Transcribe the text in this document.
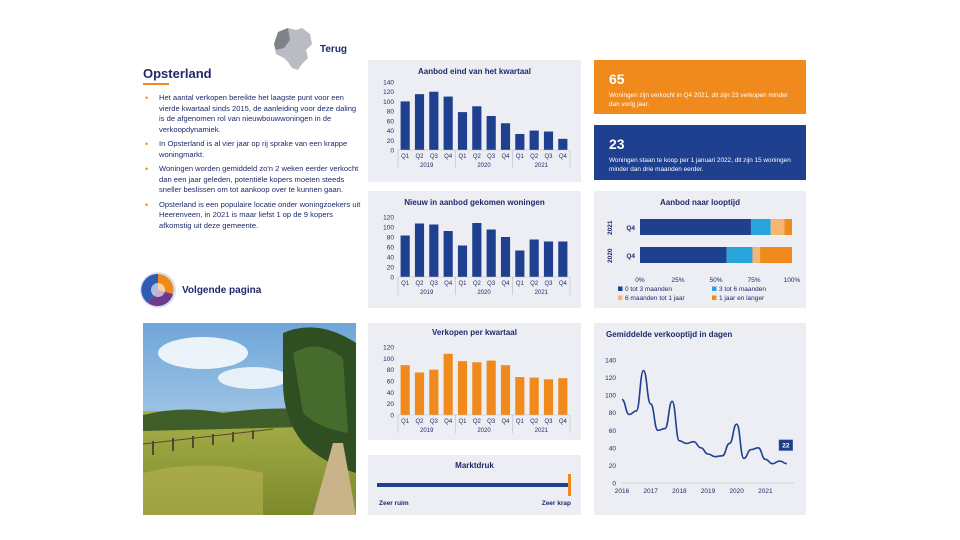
Terug
Opsterland
• Het aantal verkopen bereikte het laagste punt voor een vierde kwartaal sinds 2015, de aanleiding voor deze daling is de afgenomen rol van nieuwbouwwoningen in de verkoopdynamiek.
• In Opsterland is al vier jaar op rij sprake van een krappe woningmarkt.
• Woningen worden gemiddeld zo'n 2 weken eerder verkocht dan een jaar geleden, potentiële kopers moeten steeds sneller beslissen om tot aankoop over te kunnen gaan.
• Opsterland is een populaire locatie onder woningzoekers uit Heerenveen, in 2021 is maar liefst 1 op de 9 kopers afkomstig uit deze gemeente.
Volgende pagina
Aanbod eind van het kwartaal
0
20
40
60
80
100
120
140
Q1 Q2 Q3 Q4 Q1 Q2 Q3 Q4 Q1 Q2 Q3 Q4
2019	2020	2021
Nieuw in aanbod gekomen woningen
0
20
40
60
80
100
120
Q1 Q2 Q3 Q4 Q1 Q2 Q3 Q4 Q1 Q2 Q3 Q4
2019	2020	2021
Verkopen per kwartaal
0
20
40
60
80
100
120
Q1 Q2 Q3 Q4 Q1 Q2 Q3 Q4 Q1 Q2 Q3 Q4
2019	2020	2021
Marktdruk
Zeer ruim	Zeer krap
65
Woningen zijn verkocht in Q4 2021, dit zijn 23 verkopen minder dan vorig jaar.
23
Woningen staan te koop per 1 januari 2022, dit zijn 15 woningen minder dan drie maanden eerder.
Aanbod naar looptijd
Q4
2021
Q4
2020
0%	25%	50%	75%	100%
0 tot 3 maanden	3 tot 6 maanden
6 maanden tot 1 jaar	1 jaar en langer
Gemiddelde verkooptijd in dagen
0
20
40
60
80
100
120
140
2016 2017 2018 2019 2020 2021
22
